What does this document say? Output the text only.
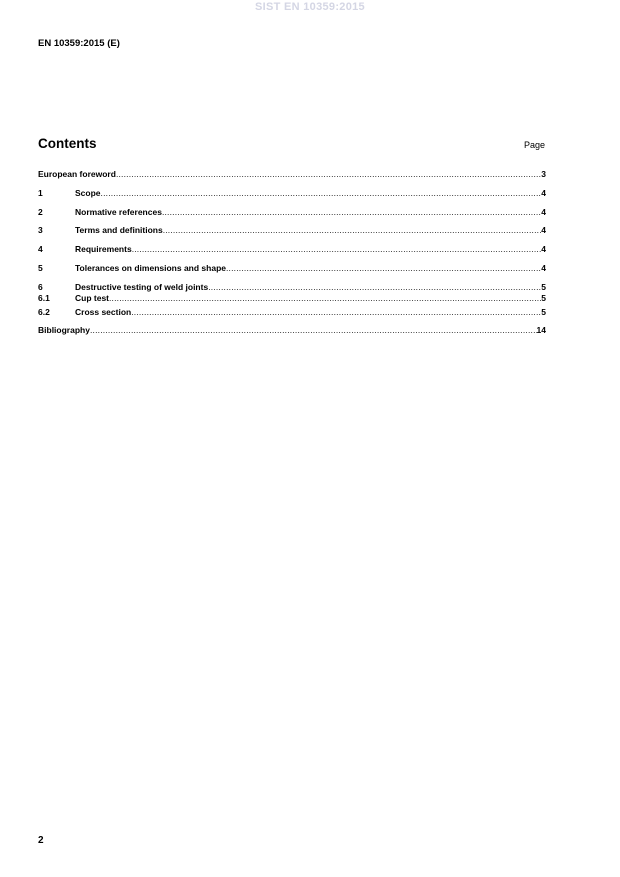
SIST EN 10359:2015
EN 10359:2015 (E)
Contents	Page
European foreword .....	3
1	Scope .....	4
2	Normative references .....	4
3	Terms and definitions .....	4
4	Requirements .....	4
5	Tolerances on dimensions and shape .....	4
6	Destructive testing of weld joints .....	5
6.1	Cup test .....	5
6.2	Cross section .....	5
Bibliography .....	14
2
